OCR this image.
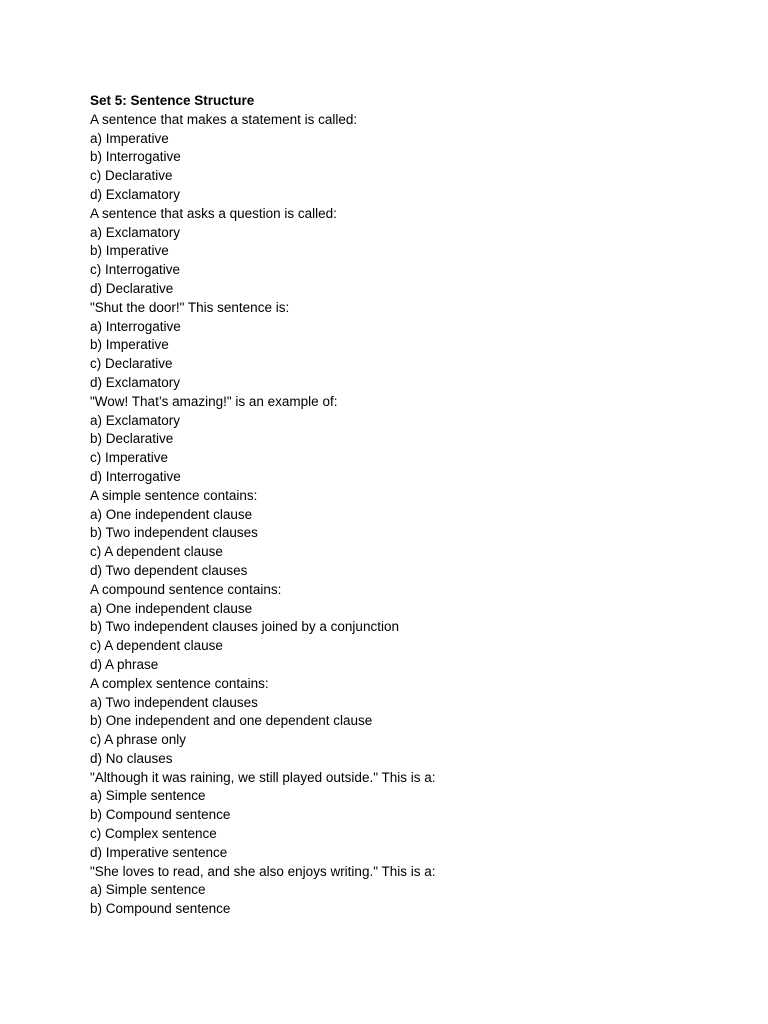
Set 5: Sentence Structure

A sentence that makes a statement is called:

a) Imperative

b) Interrogative

c) Declarative

d) Exclamatory

A sentence that asks a question is called:

a) Exclamatory

b) Imperative

c) Interrogative

d) Declarative

"Shut the door!" This sentence is:

a) Interrogative

b) Imperative

c) Declarative

d) Exclamatory

"Wow! That’s amazing!" is an example of:

a) Exclamatory

b) Declarative

c) Imperative

d) Interrogative

A simple sentence contains:

a) One independent clause

b) Two independent clauses

c) A dependent clause

d) Two dependent clauses

A compound sentence contains:

a) One independent clause

b) Two independent clauses joined by a conjunction

c) A dependent clause

d) A phrase

A complex sentence contains:

a) Two independent clauses

b) One independent and one dependent clause

c) A phrase only

d) No clauses

"Although it was raining, we still played outside." This is a:

a) Simple sentence

b) Compound sentence

c) Complex sentence

d) Imperative sentence

"She loves to read, and she also enjoys writing." This is a:

a) Simple sentence

b) Compound sentence
